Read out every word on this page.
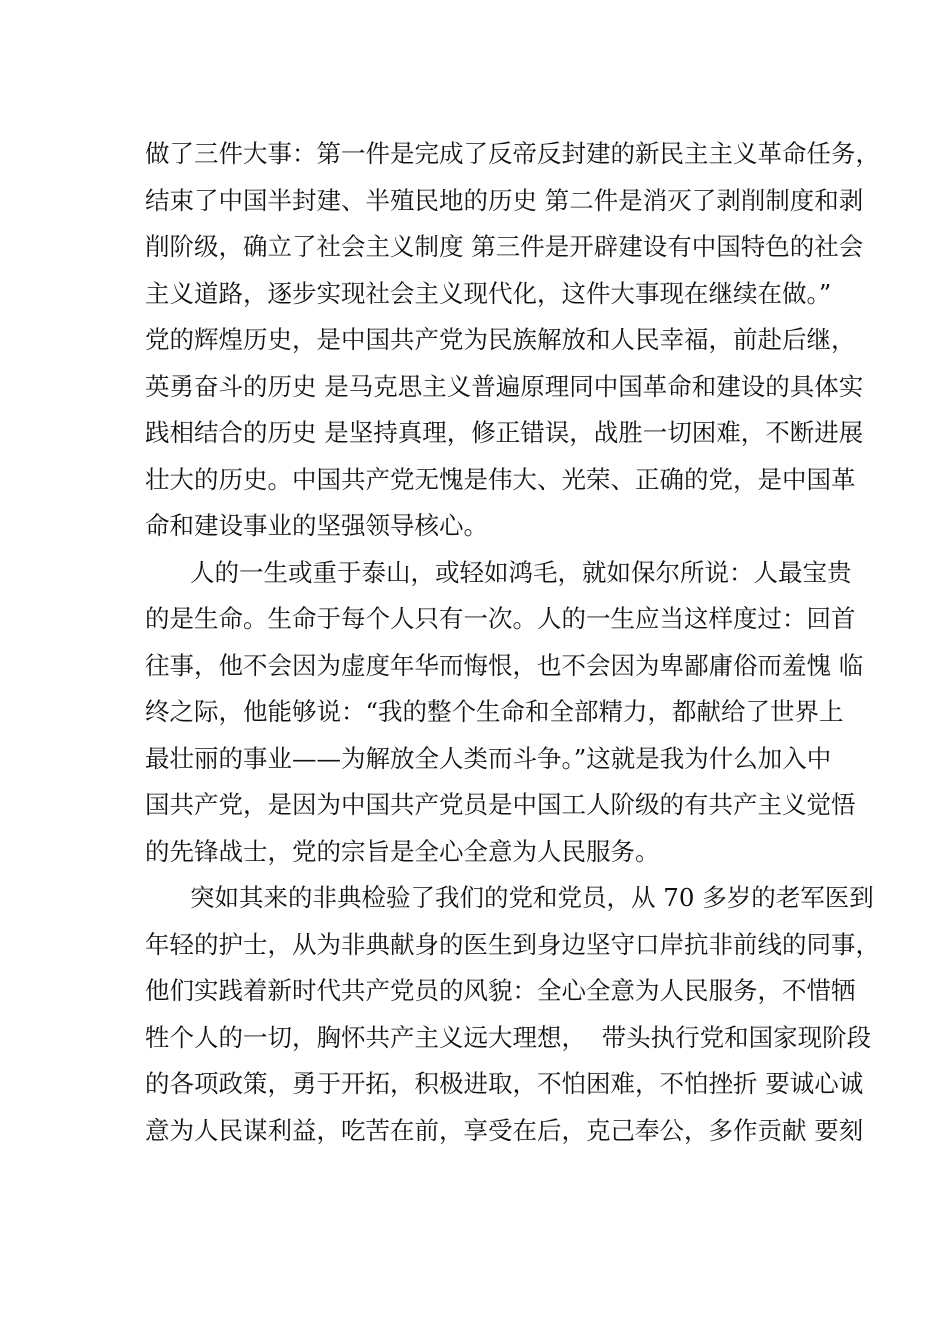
做了三件大事：第一件是完成了反帝反封建的新民主主义革命任务，
结束了中国半封建、半殖民地的历史 第二件是消灭了剥削制度和剥
削阶级，确立了社会主义制度 第三件是开辟建设有中国特色的社会
主义道路，逐步实现社会主义现代化，这件大事现在继续在做。”
党的辉煌历史，是中国共产党为民族解放和人民幸福，前赴后继，
英勇奋斗的历史 是马克思主义普遍原理同中国革命和建设的具体实
践相结合的历史 是坚持真理，修正错误，战胜一切困难，不断进展
壮大的历史。中国共产党无愧是伟大、光荣、正确的党，是中国革
命和建设事业的坚强领导核心。
人的一生或重于泰山，或轻如鸿毛，就如保尔所说：人最宝贵
的是生命。生命于每个人只有一次。人的一生应当这样度过：回首
往事，他不会因为虚度年华而悔恨，也不会因为卑鄙庸俗而羞愧 临
终之际，他能够说：“我的整个生命和全部精力，都献给了世界上
最壮丽的事业——为解放全人类而斗争。”这就是我为什么加入中
国共产党，是因为中国共产党员是中国工人阶级的有共产主义觉悟
的先锋战士，党的宗旨是全心全意为人民服务。
突如其来的非典检验了我们的党和党员，从 70 多岁的老军医到
年轻的护士，从为非典献身的医生到身边坚守口岸抗非前线的同事，
他们实践着新时代共产党员的风貌：全心全意为人民服务，不惜牺
牲个人的一切，胸怀共产主义远大理想，  带头执行党和国家现阶段
的各项政策，勇于开拓，积极进取，不怕困难，不怕挫折 要诚心诚
意为人民谋利益，吃苦在前，享受在后，克己奉公，多作贡献 要刻
